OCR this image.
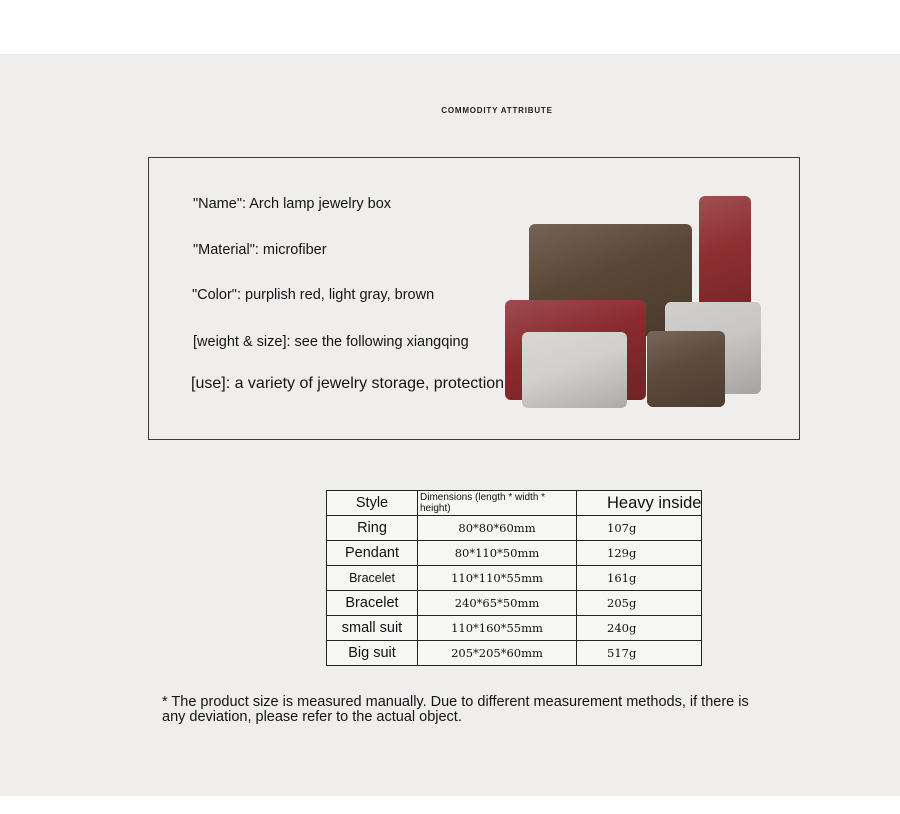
COMMODITY ATTRIBUTE
"Name": Arch lamp jewelry box
"Material": microfiber
"Color": purplish red, light gray, brown
[weight & size]: see the following xiangqing
[use]: a variety of jewelry storage, protection
Style	Dimensions (length * width * height)	Heavy inside
Ring	80*80*60mm	107g
Pendant	80*110*50mm	129g
Bracelet	110*110*55mm	161g
Bracelet	240*65*50mm	205g
small suit	110*160*55mm	240g
Big suit	205*205*60mm	517g
* The product size is measured manually. Due to different measurement methods, if there is any deviation, please refer to the actual object.
